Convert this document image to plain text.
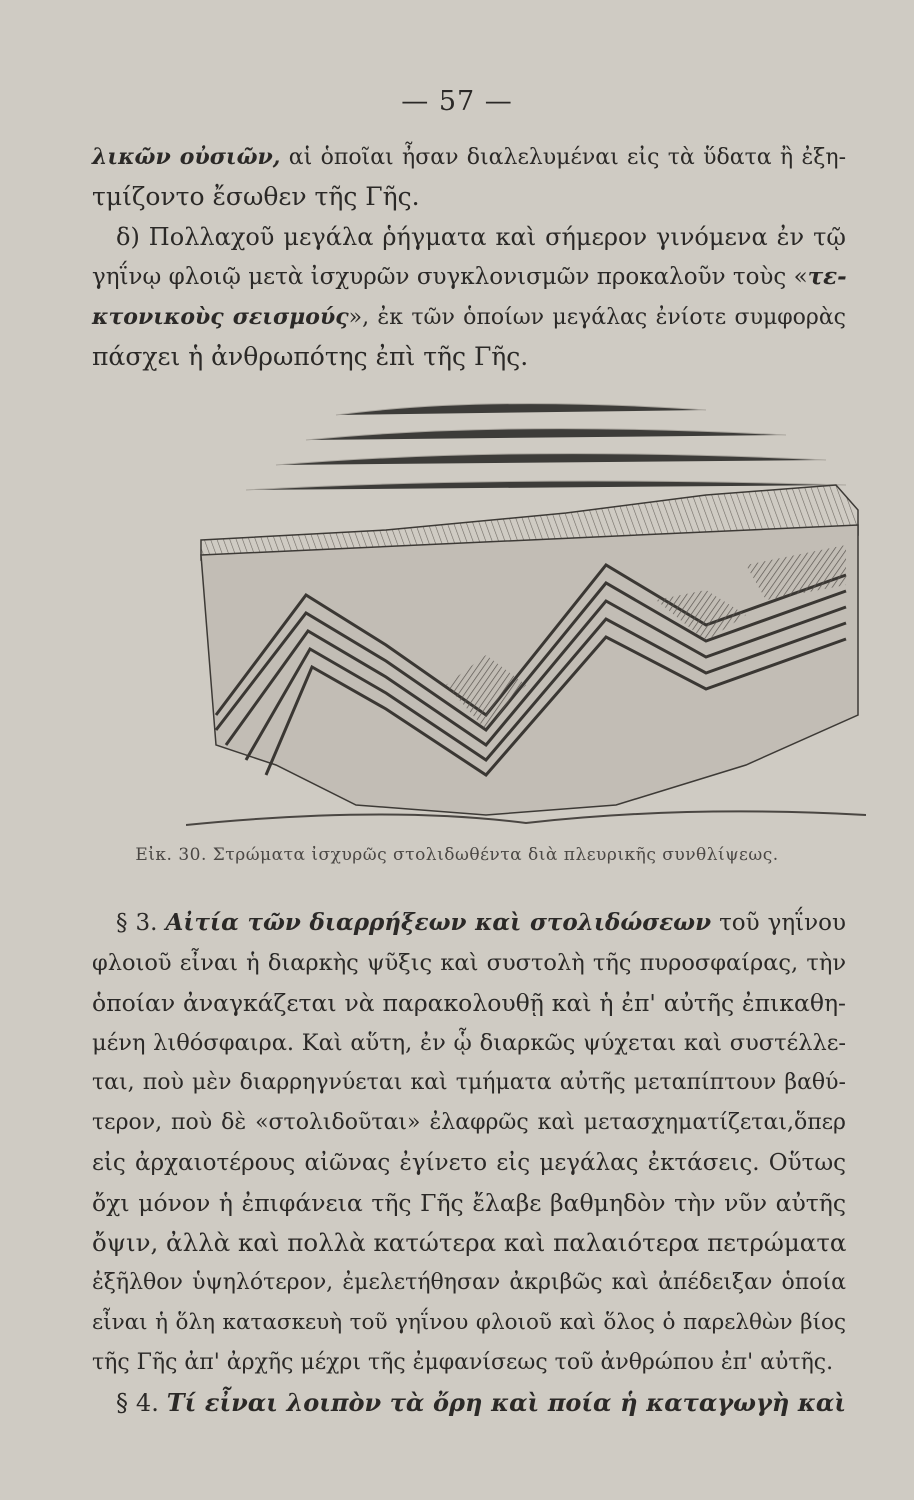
— 57 —
λικῶν οὐσιῶν, αἱ ὁποῖαι ἦσαν διαλελυμέναι εἰς τὰ ὕδατα ἢ ἐξη-
τμίζοντο ἔσωθεν τῆς Γῆς.
δ) Πολλαχοῦ μεγάλα ῥήγματα καὶ σήμερον γινόμενα ἐν τῷ
γηΐνῳ φλοιῷ μετὰ ἰσχυρῶν συγκλονισμῶν προκαλοῦν τοὺς «τε-
κτονικοὺς σεισμούς», ἐκ τῶν ὁποίων μεγάλας ἐνίοτε συμφορὰς
πάσχει ἡ ἀνθρωπότης ἐπὶ τῆς Γῆς.
Εἰκ. 30. Στρώματα ἰσχυρῶς στολιδωθέντα διὰ πλευρικῆς συνθλίψεως.
§ 3. Αἰτία τῶν διαρρήξεων καὶ στολιδώσεων τοῦ γηΐνου
φλοιοῦ εἶναι ἡ διαρκὴς ψῦξις καὶ συστολὴ τῆς πυροσφαίρας, τὴν
ὁποίαν ἀναγκάζεται νὰ παρακολουθῇ καὶ ἡ ἐπ' αὐτῆς ἐπικαθη-
μένη λιθόσφαιρα. Καὶ αὕτη, ἐν ᾧ διαρκῶς ψύχεται καὶ συστέλλε-
ται, ποὺ μὲν διαρρηγνύεται καὶ τμήματα αὐτῆς μεταπίπτουν βαθύ-
τερον, ποὺ δὲ «στολιδοῦται» ἐλαφρῶς καὶ μετασχηματίζεται,ὅπερ
εἰς ἀρχαιοτέρους αἰῶνας ἐγίνετο εἰς μεγάλας ἐκτάσεις. Οὕτως
ὄχι μόνον ἡ ἐπιφάνεια τῆς Γῆς ἔλαβε βαθμηδὸν τὴν νῦν αὐτῆς
ὄψιν, ἀλλὰ καὶ πολλὰ κατώτερα καὶ παλαιότερα πετρώματα
ἐξῆλθον ὑψηλότερον, ἐμελετήθησαν ἀκριβῶς καὶ ἀπέδειξαν ὁποία
εἶναι ἡ ὅλη κατασκευὴ τοῦ γηΐνου φλοιοῦ καὶ ὅλος ὁ παρελθὼν βίος
τῆς Γῆς ἀπ' ἀρχῆς μέχρι τῆς ἐμφανίσεως τοῦ ἀνθρώπου ἐπ' αὐτῆς.
§ 4. Τί εἶναι λοιπὸν τὰ ὄρη καὶ ποία ἡ καταγωγὴ καὶ
